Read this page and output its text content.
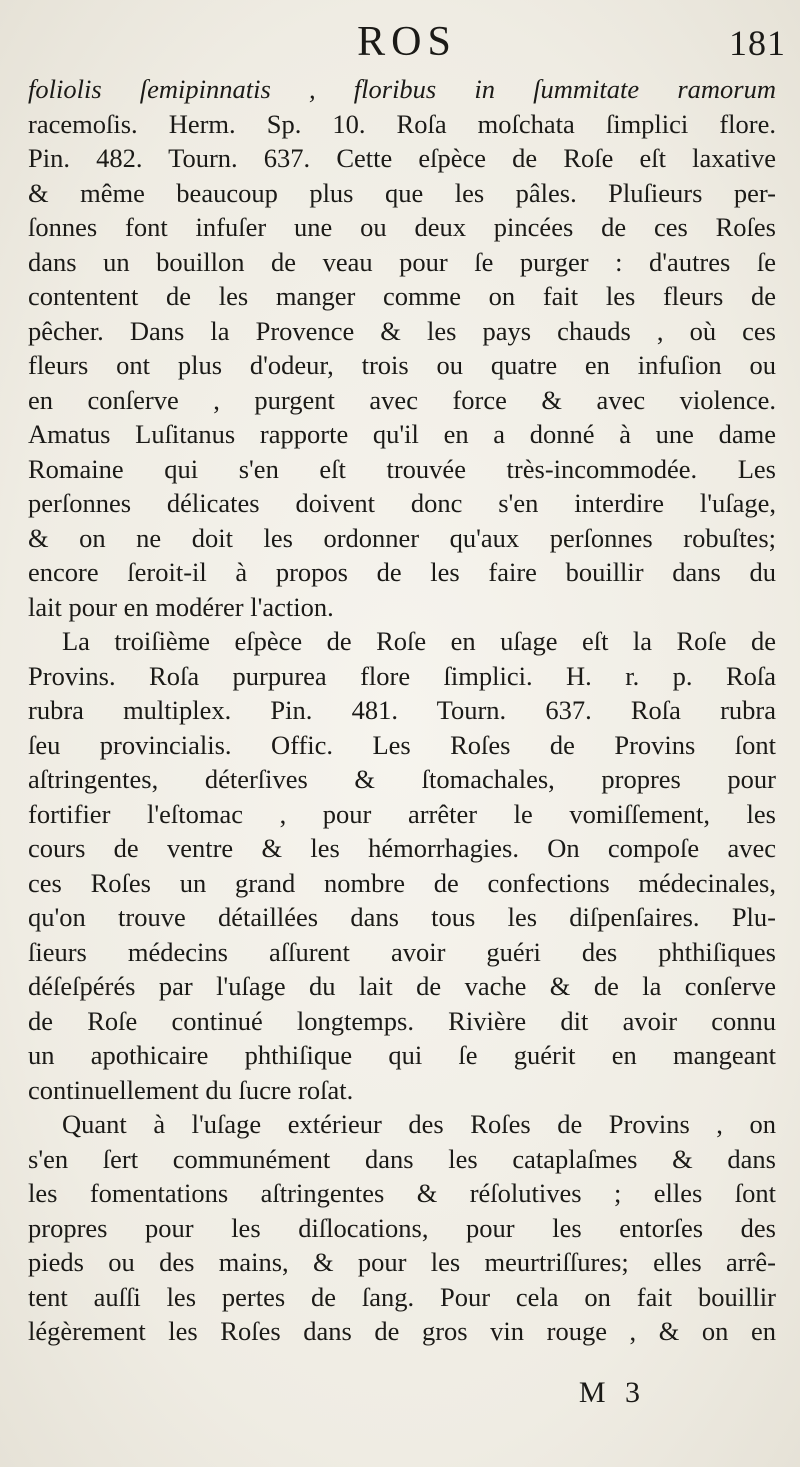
ROS	181
foliolis ſemipinnatis , floribus in ſummitate ramorum
racemoſis. Herm. Sp. 10. Roſa moſchata ſimplici flore.
Pin. 482. Tourn. 637. Cette eſpèce de Roſe eſt laxative
& même beaucoup plus que les pâles. Pluſieurs per-
ſonnes font infuſer une ou deux pincées de ces Roſes
dans un bouillon de veau pour ſe purger : d'autres ſe
contentent de les manger comme on fait les fleurs de
pêcher. Dans la Provence & les pays chauds , où ces
fleurs ont plus d'odeur, trois ou quatre en infuſion ou
en conſerve , purgent avec force & avec violence.
Amatus Luſitanus rapporte qu'il en a donné à une dame
Romaine qui s'en eſt trouvée très-incommodée. Les
perſonnes délicates doivent donc s'en interdire l'uſage,
& on ne doit les ordonner qu'aux perſonnes robuſtes;
encore ſeroit-il à propos de les faire bouillir dans du
lait pour en modérer l'action.
La troiſième eſpèce de Roſe en uſage eſt la Roſe de
Provins. Roſa purpurea flore ſimplici. H. r. p. Roſa
rubra multiplex. Pin. 481. Tourn. 637. Roſa rubra
ſeu provincialis. Offic. Les Roſes de Provins ſont
aſtringentes, déterſives & ſtomachales, propres pour
fortifier l'eſtomac , pour arrêter le vomiſſement, les
cours de ventre & les hémorrhagies. On compoſe avec
ces Roſes un grand nombre de confections médecinales,
qu'on trouve détaillées dans tous les diſpenſaires. Plu-
ſieurs médecins aſſurent avoir guéri des phthiſiques
déſeſpérés par l'uſage du lait de vache & de la conſerve
de Roſe continué longtemps. Rivière dit avoir connu
un apothicaire phthiſique qui ſe guérit en mangeant
continuellement du ſucre roſat.
Quant à l'uſage extérieur des Roſes de Provins , on
s'en ſert communément dans les cataplaſmes & dans
les fomentations aſtringentes & réſolutives ; elles ſont
propres pour les diſlocations, pour les entorſes des
pieds ou des mains, & pour les meurtriſſures; elles arrê-
tent auſſi les pertes de ſang. Pour cela on fait bouillir
légèrement les Roſes dans de gros vin rouge , & on en
M 3
